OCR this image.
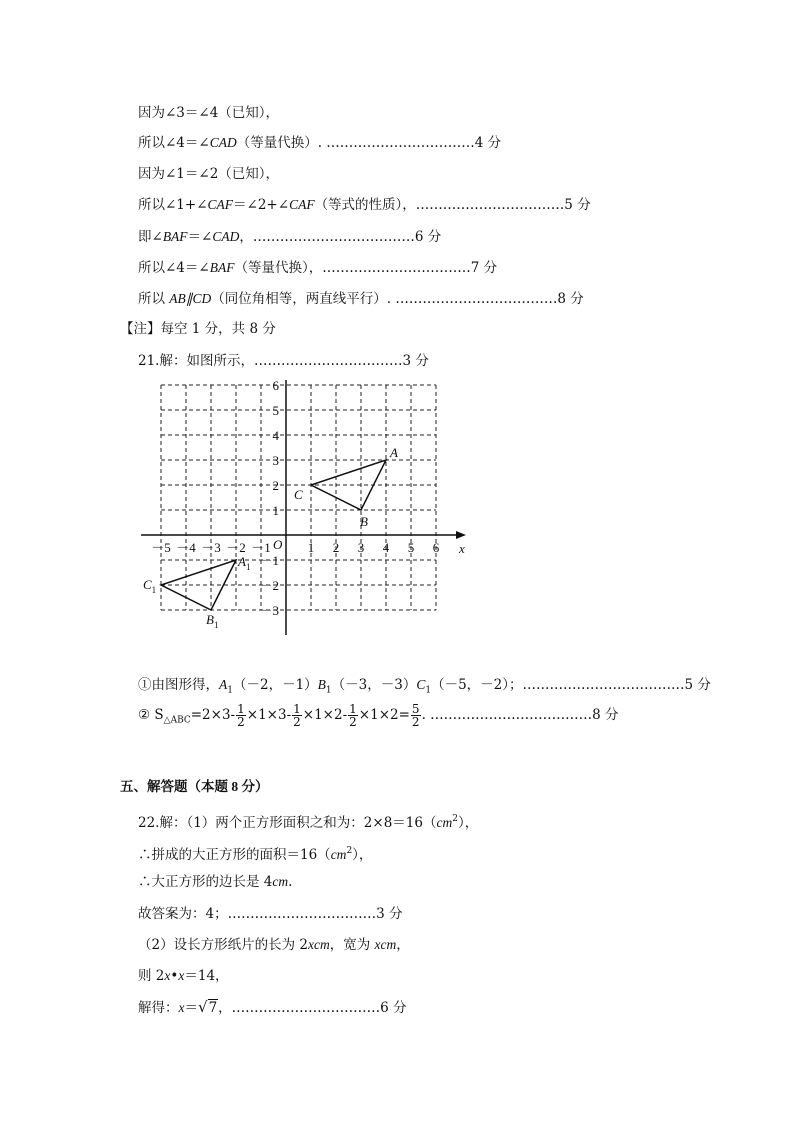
因为∠3＝∠4（已知），
所以∠4＝∠CAD（等量代换）. ……………………………4 分
因为∠1＝∠2（已知），
所以∠1+∠CAF＝∠2+∠CAF（等式的性质），……………………………5 分
即∠BAF＝∠CAD，………………………………6 分
所以∠4＝∠BAF（等量代换），……………………………7 分
所以 AB∥CD（同位角相等，两直线平行）. ………………………………8 分
【注】每空 1 分，共 8 分
21.解：如图所示，……………………………3 分
－5 －4 －3 －2 －1	1 2 3 4 5 6
6
5
4
3
2
1
－1
－2
－3
x
O
A
B
C
$A_1$
$B_1$
$C_1$
①由图形得，$A_1(-2$，$-1)B_1(-3$，$-3)C_1(-5$，－2）；………………………………5 分
② $S_{\triangle ABC}=2\times 3- \frac{1}{2} \times 1\times 3- \frac{1}{2} \times 1\times 2- \frac{1}{2} \times 1\times 2= \frac{5}{2}$ . ………………………………8 分
五、解答题（本题 8 分）
22.解：（1）两个正方形面积之和为：$2\times 8=16(cm^2)$，
∴拼成的大正方形的面积$=16(cm^2)$，
∴大正方形的边长是 4cm.
故答案为：4；……………………………3 分
（2）设长方形纸片的长为 2xcm，宽为 xcm，
则 2x•x＝14，
解得：x＝√7，……………………………6 分
